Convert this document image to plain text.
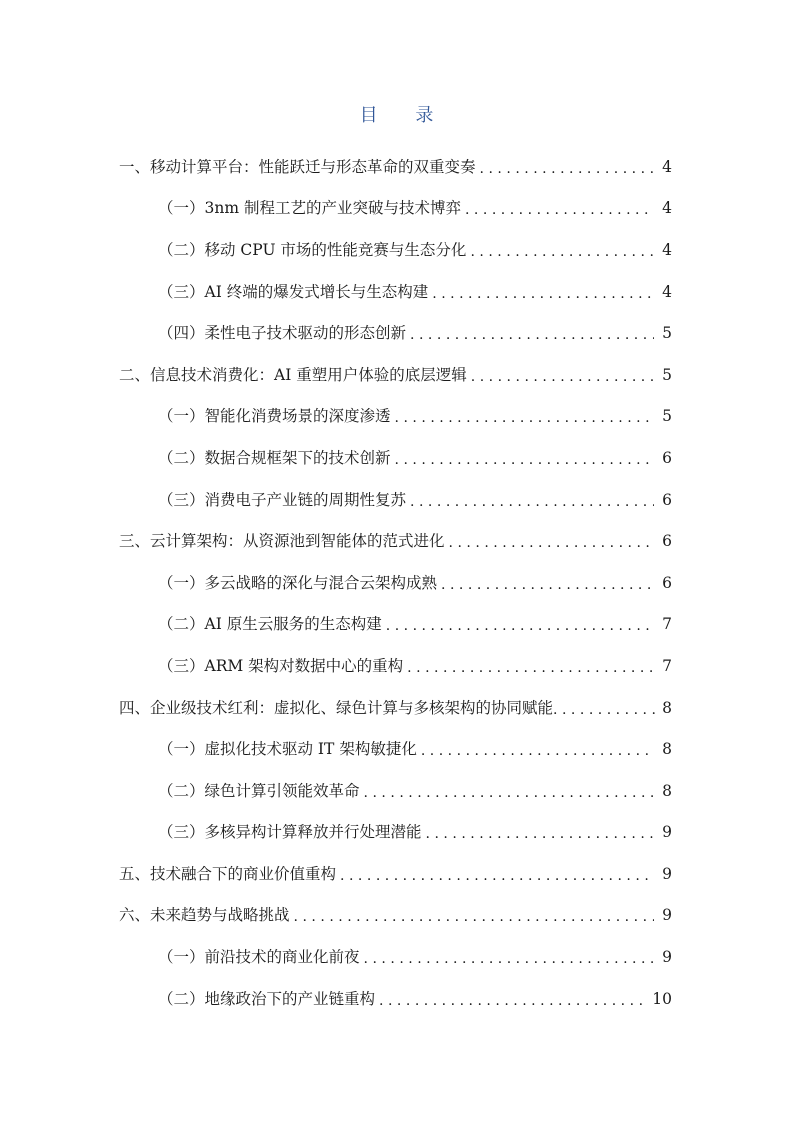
目 录
一、移动计算平台：性能跃迁与形态革命的双重变奏 .....	4
（一）3nm 制程工艺的产业突破与技术博弈 .....	4
（二）移动 CPU 市场的性能竞赛与生态分化 .....	4
（三）AI 终端的爆发式增长与生态构建 .....	4
（四）柔性电子技术驱动的形态创新 .....	5
二、信息技术消费化：AI 重塑用户体验的底层逻辑 .....	5
（一）智能化消费场景的深度渗透 .....	5
（二）数据合规框架下的技术创新 .....	6
（三）消费电子产业链的周期性复苏 .....	6
三、云计算架构：从资源池到智能体的范式进化 .....	6
（一）多云战略的深化与混合云架构成熟 .....	6
（二）AI 原生云服务的生态构建 .....	7
（三）ARM 架构对数据中心的重构 .....	7
四、企业级技术红利：虚拟化、绿色计算与多核架构的协同赋能 .....	8
（一）虚拟化技术驱动 IT 架构敏捷化 .....	8
（二）绿色计算引领能效革命 .....	8
（三）多核异构计算释放并行处理潜能 .....	9
五、技术融合下的商业价值重构 .....	9
六、未来趋势与战略挑战 .....	9
（一）前沿技术的商业化前夜 .....	9
（二）地缘政治下的产业链重构 .....	10
